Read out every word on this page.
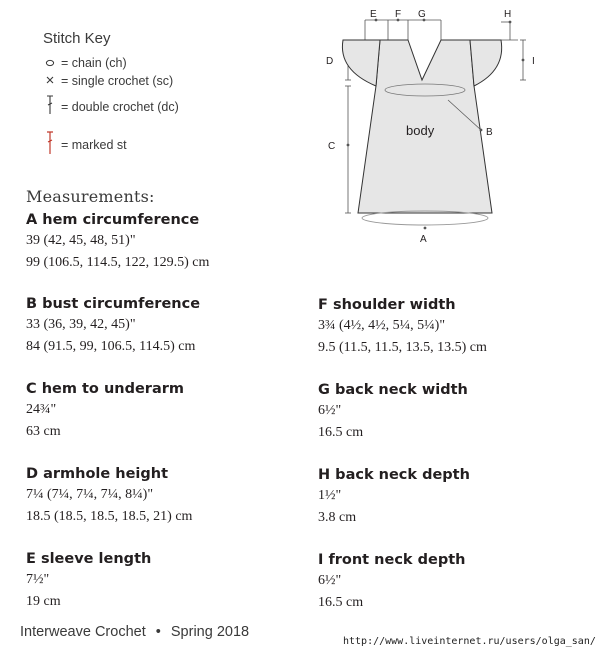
Stitch Key
= chain (ch)
= single crochet (sc)
= double crochet (dc)
= marked st
E F G	H
D	I
C
B
A
body
Measurements:
A hem circumference
39 (42, 45, 48, 51)"
99 (106.5, 114.5, 122, 129.5) cm
B bust circumference
33 (36, 39, 42, 45)"
84 (91.5, 99, 106.5, 114.5) cm
C hem to underarm
24¾"
63 cm
D armhole height
7¼ (7¼, 7¼, 7¼, 8¼)"
18.5 (18.5, 18.5, 18.5, 21) cm
E sleeve length
7½"
19 cm
F shoulder width
3¾ (4½, 4½, 5¼, 5¼)"
9.5 (11.5, 11.5, 13.5, 13.5) cm
G back neck width
6½"
16.5 cm
H back neck depth
1½"
3.8 cm
I front neck depth
6½"
16.5 cm
Interweave Crochet • Spring 2018
http://www.liveinternet.ru/users/olga_san/
